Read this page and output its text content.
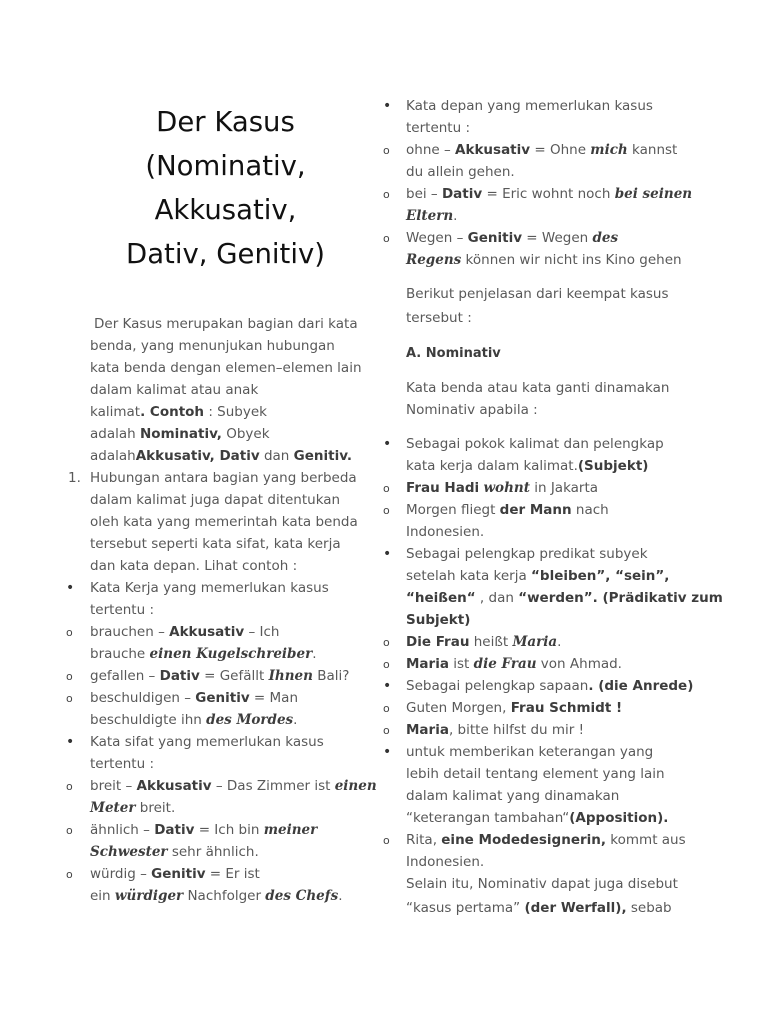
Der Kasus
(Nominativ,
Akkusativ,
Dativ, Genitiv)
Der Kasus merupakan bagian dari kata
benda, yang menunjukan hubungan
kata benda dengan elemen–elemen lain
dalam kalimat atau anak
kalimat. Contoh : Subyek
adalah Nominativ, Obyek
adalahAkkusativ, Dativ dan Genitiv.
1. Hubungan antara bagian yang berbeda
dalam kalimat juga dapat ditentukan
oleh kata yang memerintah kata benda
tersebut seperti kata sifat, kata kerja
dan kata depan. Lihat contoh :
• Kata Kerja yang memerlukan kasus
tertentu :
o brauchen – Akkusativ – Ich
brauche einen Kugelschreiber.
o gefallen – Dativ = Gefällt Ihnen Bali?
o beschuldigen – Genitiv = Man
beschuldigte ihn des Mordes.
• Kata sifat yang memerlukan kasus
tertentu :
o breit – Akkusativ – Das Zimmer ist einen
Meter breit.
o ähnlich – Dativ = Ich bin meiner
Schwester sehr ähnlich.
o würdig – Genitiv = Er ist
ein würdiger Nachfolger des Chefs.
• Kata depan yang memerlukan kasus
tertentu :
o ohne – Akkusativ = Ohne mich kannst
du allein gehen.
o bei – Dativ = Eric wohnt noch bei seinen
Eltern.
o Wegen – Genitiv = Wegen des
Regens können wir nicht ins Kino gehen
Berikut penjelasan dari keempat kasus
tersebut :
A. Nominativ
Kata benda atau kata ganti dinamakan
Nominativ apabila :
• Sebagai pokok kalimat dan pelengkap
kata kerja dalam kalimat.(Subjekt)
o Frau Hadi wohnt in Jakarta
o Morgen fliegt der Mann nach
Indonesien.
• Sebagai pelengkap predikat subyek
setelah kata kerja “bleiben”, “sein”,
“heißen“ , dan “werden”. (Prädikativ zum
Subjekt)
o Die Frau heißt Maria.
o Maria ist die Frau von Ahmad.
• Sebagai pelengkap sapaan. (die Anrede)
o Guten Morgen, Frau Schmidt !
o Maria, bitte hilfst du mir !
• untuk memberikan keterangan yang
lebih detail tentang element yang lain
dalam kalimat yang dinamakan
“keterangan tambahan“(Apposition).
o Rita, eine Modedesignerin, kommt aus
Indonesien.
Selain itu, Nominativ dapat juga disebut
“kasus pertama” (der Werfall), sebab
